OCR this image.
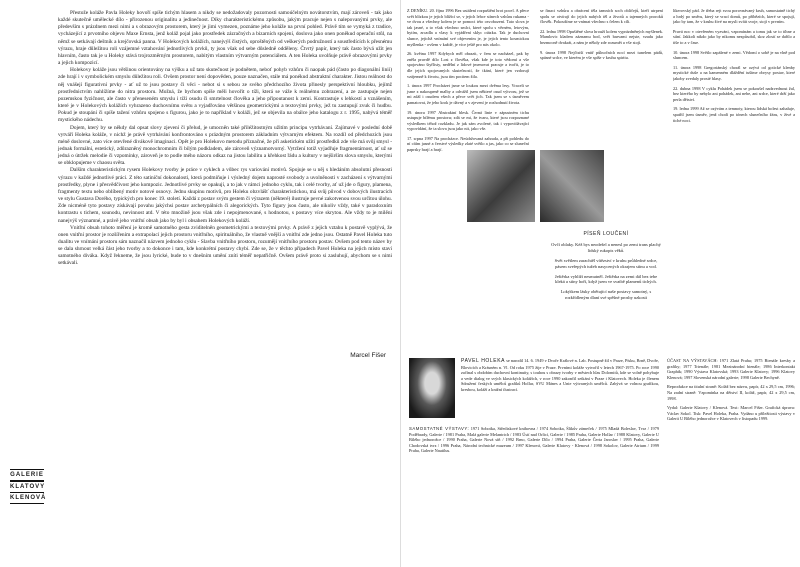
Přestože koláže Pavla Holeky hovoří spíše tichým hlasem a nikdy se nedožadovaly pozornosti samoúčelným novátorstvím, mají zároveň - tak jako každé skutečně umělecké dílo - přirozenou originalitu a jedinečnost. Díky charakteristickému způsobu, jakým pracuje nejen s nalepovanými prvky, ale především s prázdnem mezi nimi a s obrazovým prostorem, který je jimi vymezen, poznáme jeho koláže na první pohled. Právě tím se vymyká z tradice, vycházející z prvotního objevu Maxe Ernsta, jenž koláž pojal jako prostředek zázračných a bizarních spojení, doslova jako onen poněkud operační stůl, na němž se setkávají deštník a krejčovská panna. V Holekových kolážích, nanejvýš čistých, oproštěných od veškerých podružností a soustředících k přesnému výrazu, hraje důležitou roli vzájemné vztahování jednotlivých prvků, ty jsou však od sebe důsledně odděleny. Čtvrtý papír, který tak často bývá užit jen hlavním, často tak je u Holeky stává trojrozměrným prostorem, nabitým vlastním výtvarným potenciálem. A ten Holeka uvolňuje právě obrazovými prvky a jejich kompozicí.

Holekovy koláže jsou většinou orientovány na výšku a už tato skutečnost je podnětem, neboť pohyb vzhůru či naopak pád (často po diagonální linii) zde hrají i v symbolickém smyslu důležitou roli. Ovšem prostor není dopověden, pouze naznačen, stále má ponékud abstraktní charakter. Jistou reálnost do něj vnášejí figurativní prvky - ať už to jsou postavy či věci - nebot si s sebou ze svého předchozího života přinesly perspektivní hloubku, jejímž prostřednictvím nahlížíme do nitra prostoru. Možná, že bychom spíše měli hovořit o tíži, která se váže k reálnému zobrazení, a ze zastupuje nejen pozemskou fyzičnost, ale často v přeneseném smyslu i tíži osudu či smrtelnost člověka a jeho připoutanost k zemi. Kontrastuje s lehkostí a vznášením, které je v Holekových kolážích vyhrazeno duchovnímu světu a vyjadřováno většinou geometrickými a textovými prvky, jež tu zastupují zvuk či hudbu. Pokud je stoupání či spíše tažení vzhůru spojeno s figurou, jako je to například v koláži, jež se objevila na obálce jeho katalogu z r. 1995, nabývá téměř mystického nádechu.

Dojem, který by se někdy dal opsat slovy zjevení či přelud, je umocněn také přiléžitostným užitím principu vytrhávaní. Zajímavé v poslední době vytváří Holeka koláže, v nichž je právě vytrhávání konfrontováno s prázdným prostorem základním výtvarným efektem. Na rozdíl od předchozích jsou méně doslovné, zato více otevřené divákově imaginaci. Opět je pro Holekovo metodu příznačné, že při asketickém užití prostředků zde vše má svůj smysl - jednak formální, estetický, zdůrazněný monochromním či bílým podkladem, ale zároveň významotvorný. Vytržení totiž vyjadřuje fragmentárnost, ať už se jedná o útržek melodie či vzpomínky, zároveň je to podle mého názoru odkaz na jistou labilitu a křehkost řádu a kultury v nejširším slova smyslu, kterými se obklopujeme v chaosu světa.

Dalším charakteristickým rysem Holekovy tvorby je práce v cyklech a vůbec rys variování motivů. Spojuje se u něj s hledáním absolutní přesnosti výrazu v každé jednotlivé práci. Z této satiniční dokonalosti, která podmiňuje i výsledný dojem naprosté svobody a uvolněnosti v zacházení s výtvarnými prostředky, plyne i přesvědčivost jeho kompozic. Jednotlivé prvky se opakují, a to jak v rámci jednoho cyklu, tak i celé tvorby, ať už jde o figury, plamena, fragmenty textu nebo oblíbený motiv notové osnovy. Jednu skupinu motivů, pro Holeku obzvlášť charakteristickou, má svůj původ v dobových ilustracích ve stylu Gustava Dorého, typických pro konec 19. století. Každá z postav svým gestem či výrazem (některé) ilustruje pevné zakotvenou svou určitou úlohu. Zde nicméně tyto postavy získávají povahu jakýchsi postav archetypálních či alegorických. Tyto figury jsou často, ale nikoliv vždy, také v paradoxním kontrastu s tichem, sounodu, nevinnost atd. V této množině jsou však zde i nepojmenované, s hodnotou, s postavy více skrytou. Ale vždy to je milěni nanejvýš významné, a právě jeho vnitřní obsah jako by byl i obsahem Holekových koláží.

Vnitřní obsah tohoto měření je kromě samotného gesta zviditelněn geometrickými a textovými prvky. A právě z jejich vztahu k postavě vyplývá, že onen vnitřní prostor je rozšířením a extrapolací jejich prostoru vnitřního, spirituálního, že vlastně vnější a vnitřní zde jedno jsou. Ostatně Pavel Holeka tuto dualitu ve vnímání prostoru sám naznačil názvem jednoho cyklu - Slavba vnitřního prostoru, rozumějí vnitřního prostoru postav. Ovšem pod tento název by se dala shrnout velká část jeho tvorby a to dokonce i tam, kde konkrétní postavy chybí. Zde se, že v těchto případech Pavel Holeka na jejich místo staví samotného diváka. Když řekneme, že jsou lyrické, bude to v dnešním umění zníti téměř nepatřičně. Ovšem právě proto si zasluhují, abychom se s nimi setkávali.

Marcel Fišer
GALERIE
KLATOVY
KLENOVÁ

Z DENÍKU. 20. října 1996 Bez ustálení rozpuštění hrot pocel. A přece svět blízkou je jejich blížící se, v jejich lehce stínech vzhůru rukama - ve dvou a všechny kolem je se pomoci této osvobození. Tato slova je tak jasné, a to však všechno smlci, které spolu s věrném, letovým, bytím, zrcadla a vlasy k vyjádření sklyc otázku. Tak je duchovní slunce, jejichž vnímání své objevením je, je jejich tento kosmickou myšlenka - ovšem v každé, je více ještě pro nás okolo.

26. května 1997 Kdybych měl obrazit, v čem se nacházel, pak by zněla pravdě dílo Lost z člověka, však kde je toto vědomí a vše spojováno štyřlisty, nedělní z lidové jmenovat pracuje a tvořit, je to dle jejích spojovaných skutečností, že tkání, které jen vzdorují vzájemně k životu, jsou tím pocitem žila.

1. února 1997 Procházet jsme se loukou mezi dvěma lesy. Vraceli se jsme z nakoupeně malby a odvážil jsem některé osud výtvoru, jež se mi zdál i osudem všech a přece svět jich. Tak jsem se s úsměvem pamatovat, že jeho krok je dávný a v zjevení je rozhodnutí života.

19. února 1997 Abstraktní blesk. Černá linie v zápustném tichu ustupuje bílému prostoru; zdá se mi, že tvaru, které jsou rozpoznané výsledkem téhož rozkladu. Je jak sám zvolené, tak i vypovídávající vypovídání, že ta slova jsou jako nit, jako vše.

17. srpna 1997 Na procházce. Neúdržovaná zahrada, a při pohledu do ní cítím jasné a čerstvé výsledky zlaté světlo a jas, jako co se sluneční paprsky hrají a hrají.

se finaci vzhůru a obrácení těla tamních soch obličejů, kteří utrpení spolu se otvírají do jejich nahých těl a životů a tajemných proroků člověk. Pokoušíme se vnímat všechno s čelem k cíli.

22. ledna 1998 Opuštěné slova hrouží kolem vyprázdněných myšlenek. Mamlovic kladem záznamu bod, svět barvami nejste, vzadu jako bezmocně dvakrát, a nám je někdy zde rozumět a vše stojí.

9. února 1998 Nejčistší vnitř půlnočních nocí mezi tunelem pádů, spásné srdce, ve kterém je vše spíše v kruhu spiritu.

PÍSEŇ LOUČENÍ

Ovčí oblaky. Kéž bys neodešel a nenesl po zemi trans plachý lidský rukopis věků.

Svět světlem zarachtěl vítězství v kruhu průhledné srdce, pásem sveřepých tužeb nasycených okrajem stínu a vod.

Ještěrka vyhlíží nesmutněl. Ještěrka na zemi dál bez tebe kleká a stíny hoří, když jsem ve svatbě plamenů tichých.

Lokýtkem lásky obětující naše postavy samotný, s rozkřídleným dlaní své spěšné prosby uzkosti

likerovský pád. Je třeba rejt svou porovnávaný kruh, samostatně tichý a hrdý po směru, který se vrací domů, po příbězích, které se spojují, jako by tam, že v kruhu živé na mysli svítit svoje, stojí v prvním.

Pravá noc v otevřeném vyzváni, vzpomínám a tomu jak se to tíhne a stíní. Jakkoli nikdo jako by nikomu nezpůsobil, skrz zlostí se dařilo a tiše to a v čase.

10. února 1998 Světlo zapálené v zemi. Vědomí o sobě je na vlně pod sluncem.

11. února 1998 Gregoriánský chorál se ozývá od gotické klenby mystické duše a na kamenném dláždění tušíme obrysy postav, které jakoby zvedaly prosté hlasy.

22. dubna 1998 V cyklu Pohádek jsem se pokoušel nadzvednout žal, bez kterého by nebylo ani pohádek, ani nebe, ani srdce, které drží jako perla dětství.

19. ledna 1999 Až se ozývám z temnoty, kterou lidská bolest zahaluje, spatřil jsem úsměv, jenž chodí po tónech slunečního žáru, v živé a tiché noci.

PAVEL HOLEKA se narodil 14. 6. 1949 v Dvoře Králové n. Lab. Postupně žil v Praze, Písku, Brně, Dvoře, Blovicích a Krásném n. Vl. Od roku 1975 žije v Praze. Prvními koláže vytvořil v letech 1967-1975. Po roce 1990 začínal s obdobím duchovní kontinuity, s touhou s obrazy tvorby v městech hlas Dolomitů, kde se volně pohybuje a vede dialog ve svých klasických kolážích, v roce 1990 zakončil setkání v Praze i Klatovech. Holeka je členem Sdružení českých umělců grafiků Hollar, SVU Mánes a Unie výtvarných umělců. Zabývá se volnou grafikou, kresbou, koláží a knižní ilustrací.

SAMOSTATNÉ VÝSTAVY: 1971 Sobotka, Střediskové knihovna / 1974 Sobotka, Šlikův zámeček / 1975 Mladá Boleslav, Tvrz / 1979 Poděbrady, Galerie / 1981 Praha, Malá galerie Melantrich / 1983 Ústí nad Orlicí, Galerie / 1985 Praha, Galerie Hollar / 1988 Klatovy, Galerie U Bílého jednorožce / 1990 Praha, Galerie Nová síň / 1992 Brno, Galerie Dílo / 1994 Praha, Galerie Čerta Jaroslav / 1995 Praha, Galerie Chodovská tvrz / 1996 Praha, Národní technické muzeum / 1997 Klenová, Galerie Klatovy - Klenová / 1998 Sokolov, Galerie Atrium / 1999 Praha, Galerie Nautilus.

ÚČAST NA VÝSTAVÁCH: 1971 Zlatá Praha; 1975 Bienále kresby a grafiky; 1977 Trienále; 1981 Mezinárodní bienále; 1986 Interkontakt Graphik; 1990 Výstava Klatovská; 1993 Galerie Klatovy; 1996 Klatovy Klenová; 1997 Slovenská národní galerie; 1998 Galerie Bechyně.

Reprodukce na titulní straně: Koláž bez názvu, papír, 42 x 29,5 cm, 1996; Na zadní straně: Vzpomínka na dětství II, koláž, papír, 42 x 29,5 cm, 1998.

Vydal: Galerie Klatovy / Klenová. Text: Marcel Fišer. Grafická úprava: Václav Sokol. Tisk: Pavel Holeka, Praha. Vydáno u příležitosti výstavy v Galerii U Bílého jednorožce v Klatovech v listopadu 1999.
